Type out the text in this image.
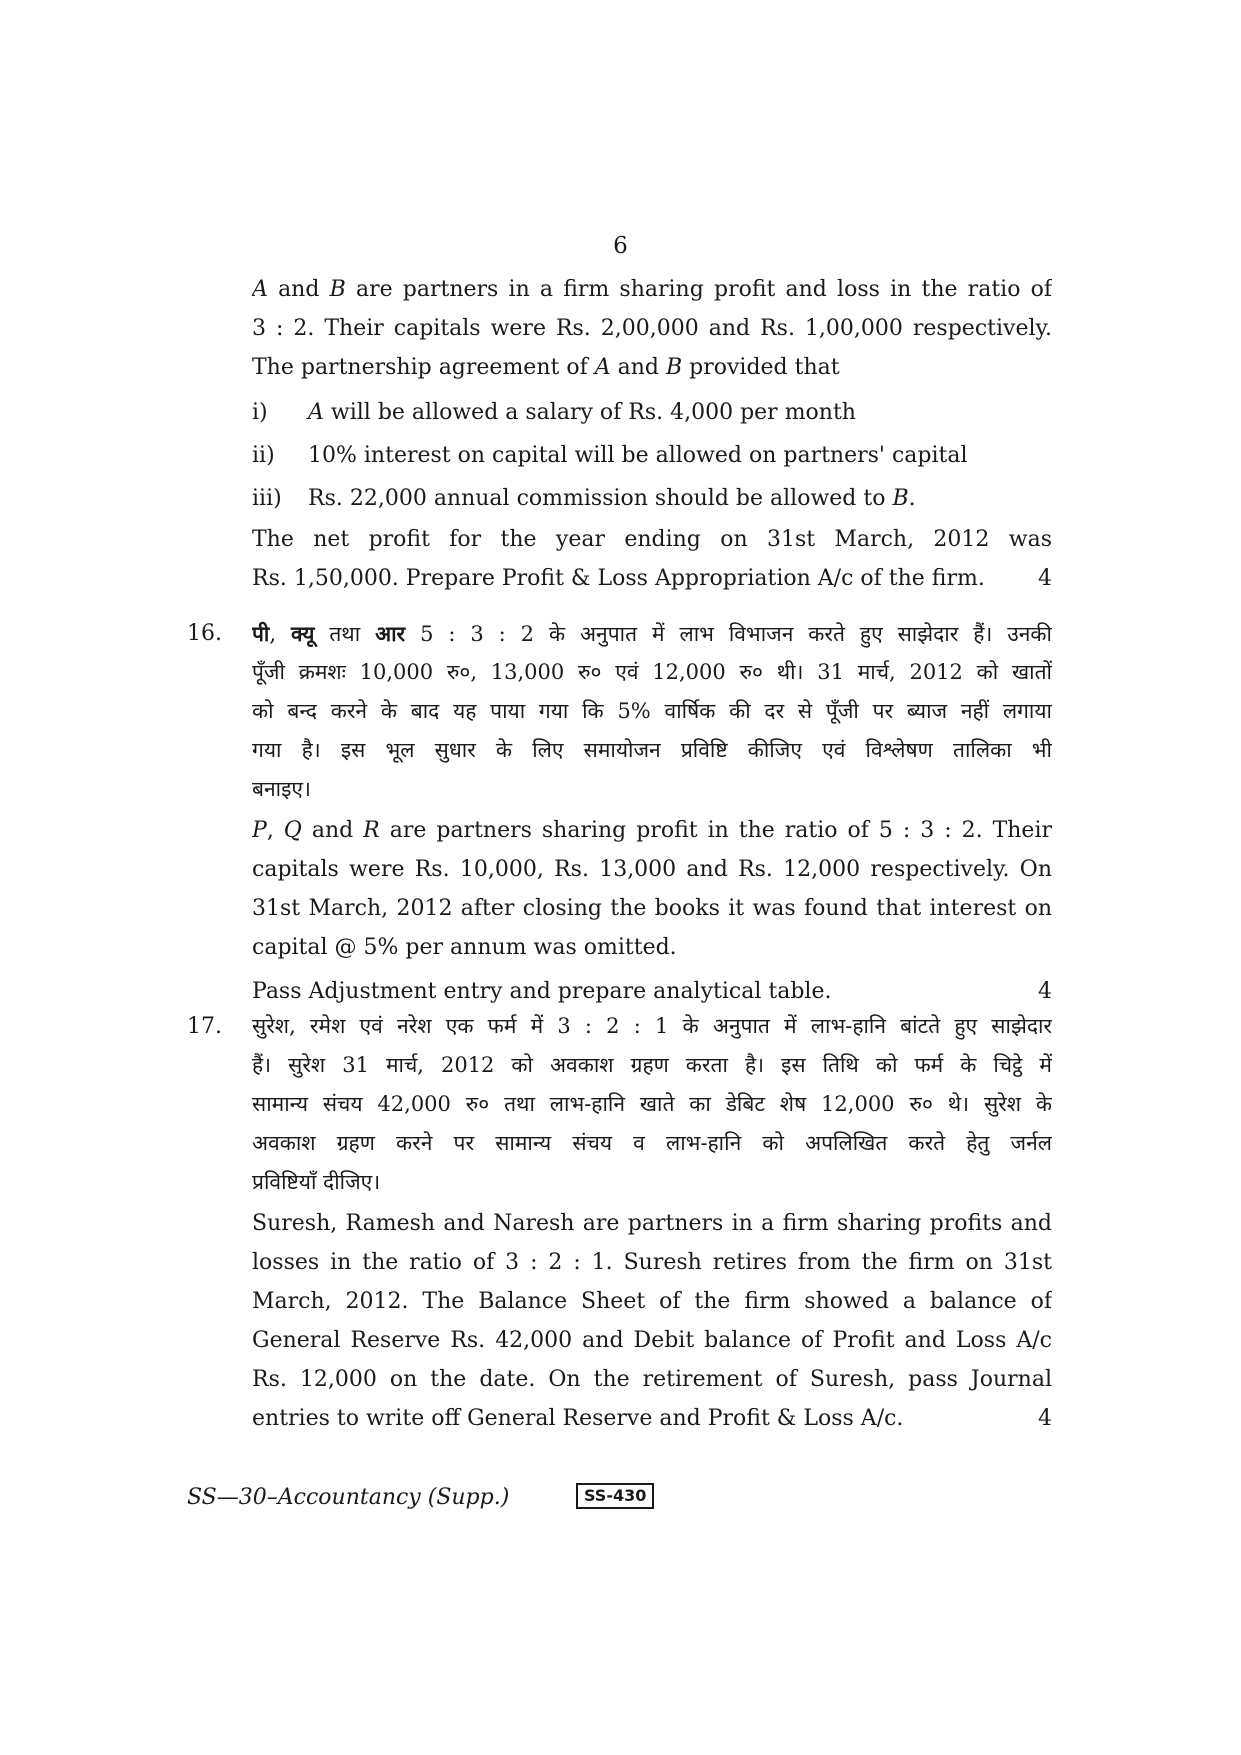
6
A and B are partners in a firm sharing profit and loss in the ratio of
3 : 2. Their capitals were Rs. 2,00,000 and Rs. 1,00,000 respectively.
The partnership agreement of A and B provided that
i) A will be allowed a salary of Rs. 4,000 per month
ii) 10% interest on capital will be allowed on partners' capital
iii) Rs. 22,000 annual commission should be allowed to B.
The net profit for the year ending on 31st March, 2012 was
Rs. 1,50,000. Prepare Profit & Loss Appropriation A/c of the firm.	4
16. पी, क्यू तथा आर 5 : 3 : 2 के अनुपात में लाभ विभाजन करते हुए साझेदार हैं। उनकी
पूँजी क्रमशः 10,000 रु०, 13,000 रु० एवं 12,000 रु० थी। 31 मार्च, 2012 को खातों
को बन्द करने के बाद यह पाया गया कि 5% वार्षिक की दर से पूँजी पर ब्याज नहीं लगाया
गया है। इस भूल सुधार के लिए समायोजन प्रविष्टि कीजिए एवं विश्लेषण तालिका भी
बनाइए।
P, Q and R are partners sharing profit in the ratio of 5 : 3 : 2. Their
capitals were Rs. 10,000, Rs. 13,000 and Rs. 12,000 respectively. On
31st March, 2012 after closing the books it was found that interest on
capital @ 5% per annum was omitted.
Pass Adjustment entry and prepare analytical table.	4
17. सुरेश, रमेश एवं नरेश एक फर्म में 3 : 2 : 1 के अनुपात में लाभ-हानि बांटते हुए साझेदार
हैं। सुरेश 31 मार्च, 2012 को अवकाश ग्रहण करता है। इस तिथि को फर्म के चिट्ठे में
सामान्य संचय 42,000 रु० तथा लाभ-हानि खाते का डेबिट शेष 12,000 रु० थे। सुरेश के
अवकाश ग्रहण करने पर सामान्य संचय व लाभ-हानि को अपलिखित करते हेतु जर्नल
प्रविष्टियाँ दीजिए।
Suresh, Ramesh and Naresh are partners in a firm sharing profits and
losses in the ratio of 3 : 2 : 1. Suresh retires from the firm on 31st
March, 2012. The Balance Sheet of the firm showed a balance of
General Reserve Rs. 42,000 and Debit balance of Profit and Loss A/c
Rs. 12,000 on the date. On the retirement of Suresh, pass Journal
entries to write off General Reserve and Profit & Loss A/c.	4
SS—30–Accountancy (Supp.)	SS-430
